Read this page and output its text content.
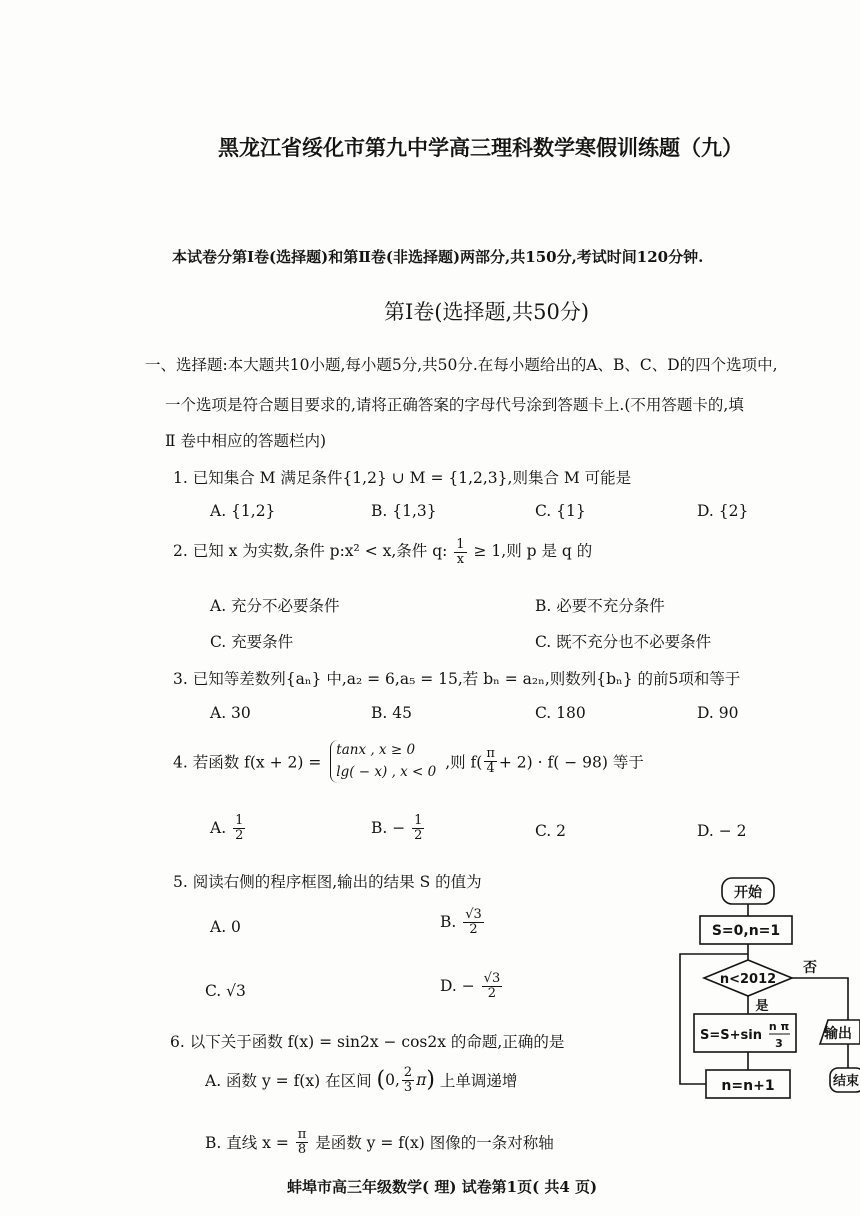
黑龙江省绥化市第九中学高三理科数学寒假训练题（九）
本试卷分第Ⅰ卷(选择题)和第Ⅱ卷(非选择题)两部分,共150分,考试时间120分钟.
第Ⅰ卷(选择题,共50分)
一、选择题:本大题共10小题,每小题5分,共50分.在每小题给出的A、B、C、D的四个选项中,
一个选项是符合题目要求的,请将正确答案的字母代号涂到答题卡上.(不用答题卡的,填
Ⅱ 卷中相应的答题栏内)
1. 已知集合 M 满足条件{1,2} ∪ M = {1,2,3},则集合 M 可能是
A. {1,2}	B. {1,3}	C. {1}	D. {2}
2. 已知 x 为实数,条件 p:x² < x,条件 q: $\frac{1}{x} \ge 1$,则 p 是 q 的
A. 充分不必要条件	B. 必要不充分条件
C. 充要条件	C. 既不充分也不必要条件
3. 已知等差数列{aₙ} 中,a₂ = 6,a₅ = 15,若 bₙ = a₂ₙ,则数列{bₙ} 的前5项和等于
A. 30	B. 45	C. 180	D. 90
4. 若函数 f(x + 2) =
tanx , x ≥ 0
lg( − x) , x < 0 ,则 $f( \frac{\pi}{4} + 2) \cdot f( - 98)$ 等于
A. $\frac{1}{2}$	B. − $\frac{1}{2}$	C. 2	D. − 2
5. 阅读右侧的程序框图,输出的结果 S 的值为
A. 0	B. $\frac{√3}{2}$
C. √3	D. − $\frac{√3}{2}$
6. 以下关于函数 f(x) = sin2x − cos2x 的命题,正确的是
A. 函数 y = f(x) 在区间 (0, $\frac{2}{3} \pi$) 上单调递增
B. 直线 $x = \frac{\pi}{8}$ 是函数 y = f(x) 图像的一条对称轴
开始
S=0,n=1
n<2012
否
是
S=S+sin
n π
3
n=n+1
输出
结束
蚌埠市高三年级数学( 理) 试卷第1页( 共4 页)
